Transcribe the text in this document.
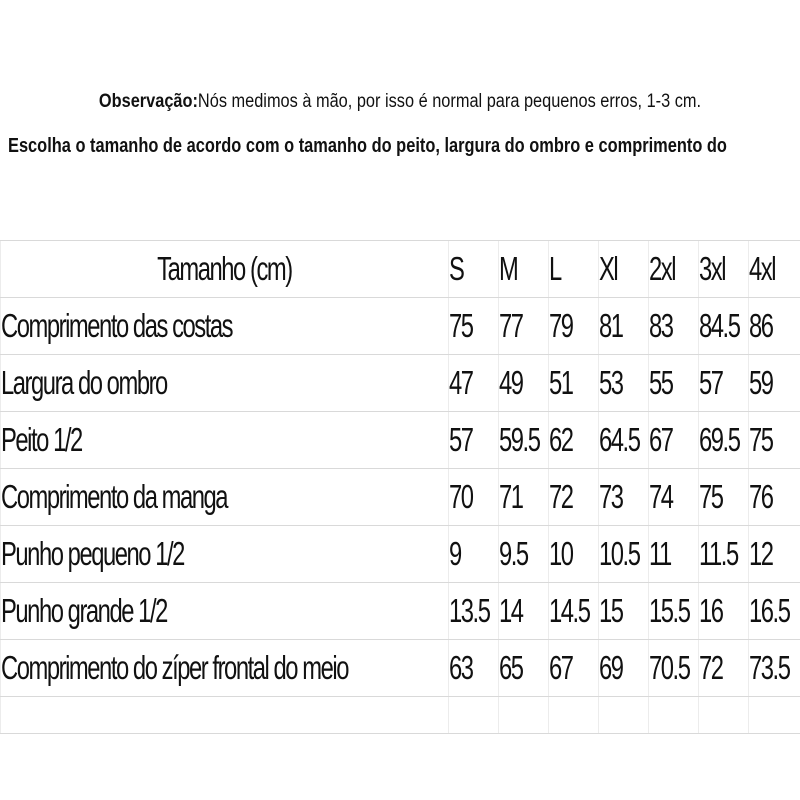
Observação:Nós medimos à mão, por isso é normal para pequenos erros, 1-3 cm.
Escolha o tamanho de acordo com o tamanho do peito, largura do ombro e comprimento do
Tamanho (cm)	S	M	L	Xl	2xl	3xl	4xl
Comprimento das costas	75	77	79	81	83	84.5	86
Largura do ombro	47	49	51	53	55	57	59
Peito 1/2	57	59.5	62	64.5	67	69.5	75
Comprimento da manga	70	71	72	73	74	75	76
Punho pequeno 1/2	9	9.5	10	10.5	11	11.5	12
Punho grande 1/2	13.5	14	14.5	15	15.5	16	16.5
Comprimento do zíper frontal do meio	63	65	67	69	70.5	72	73.5
